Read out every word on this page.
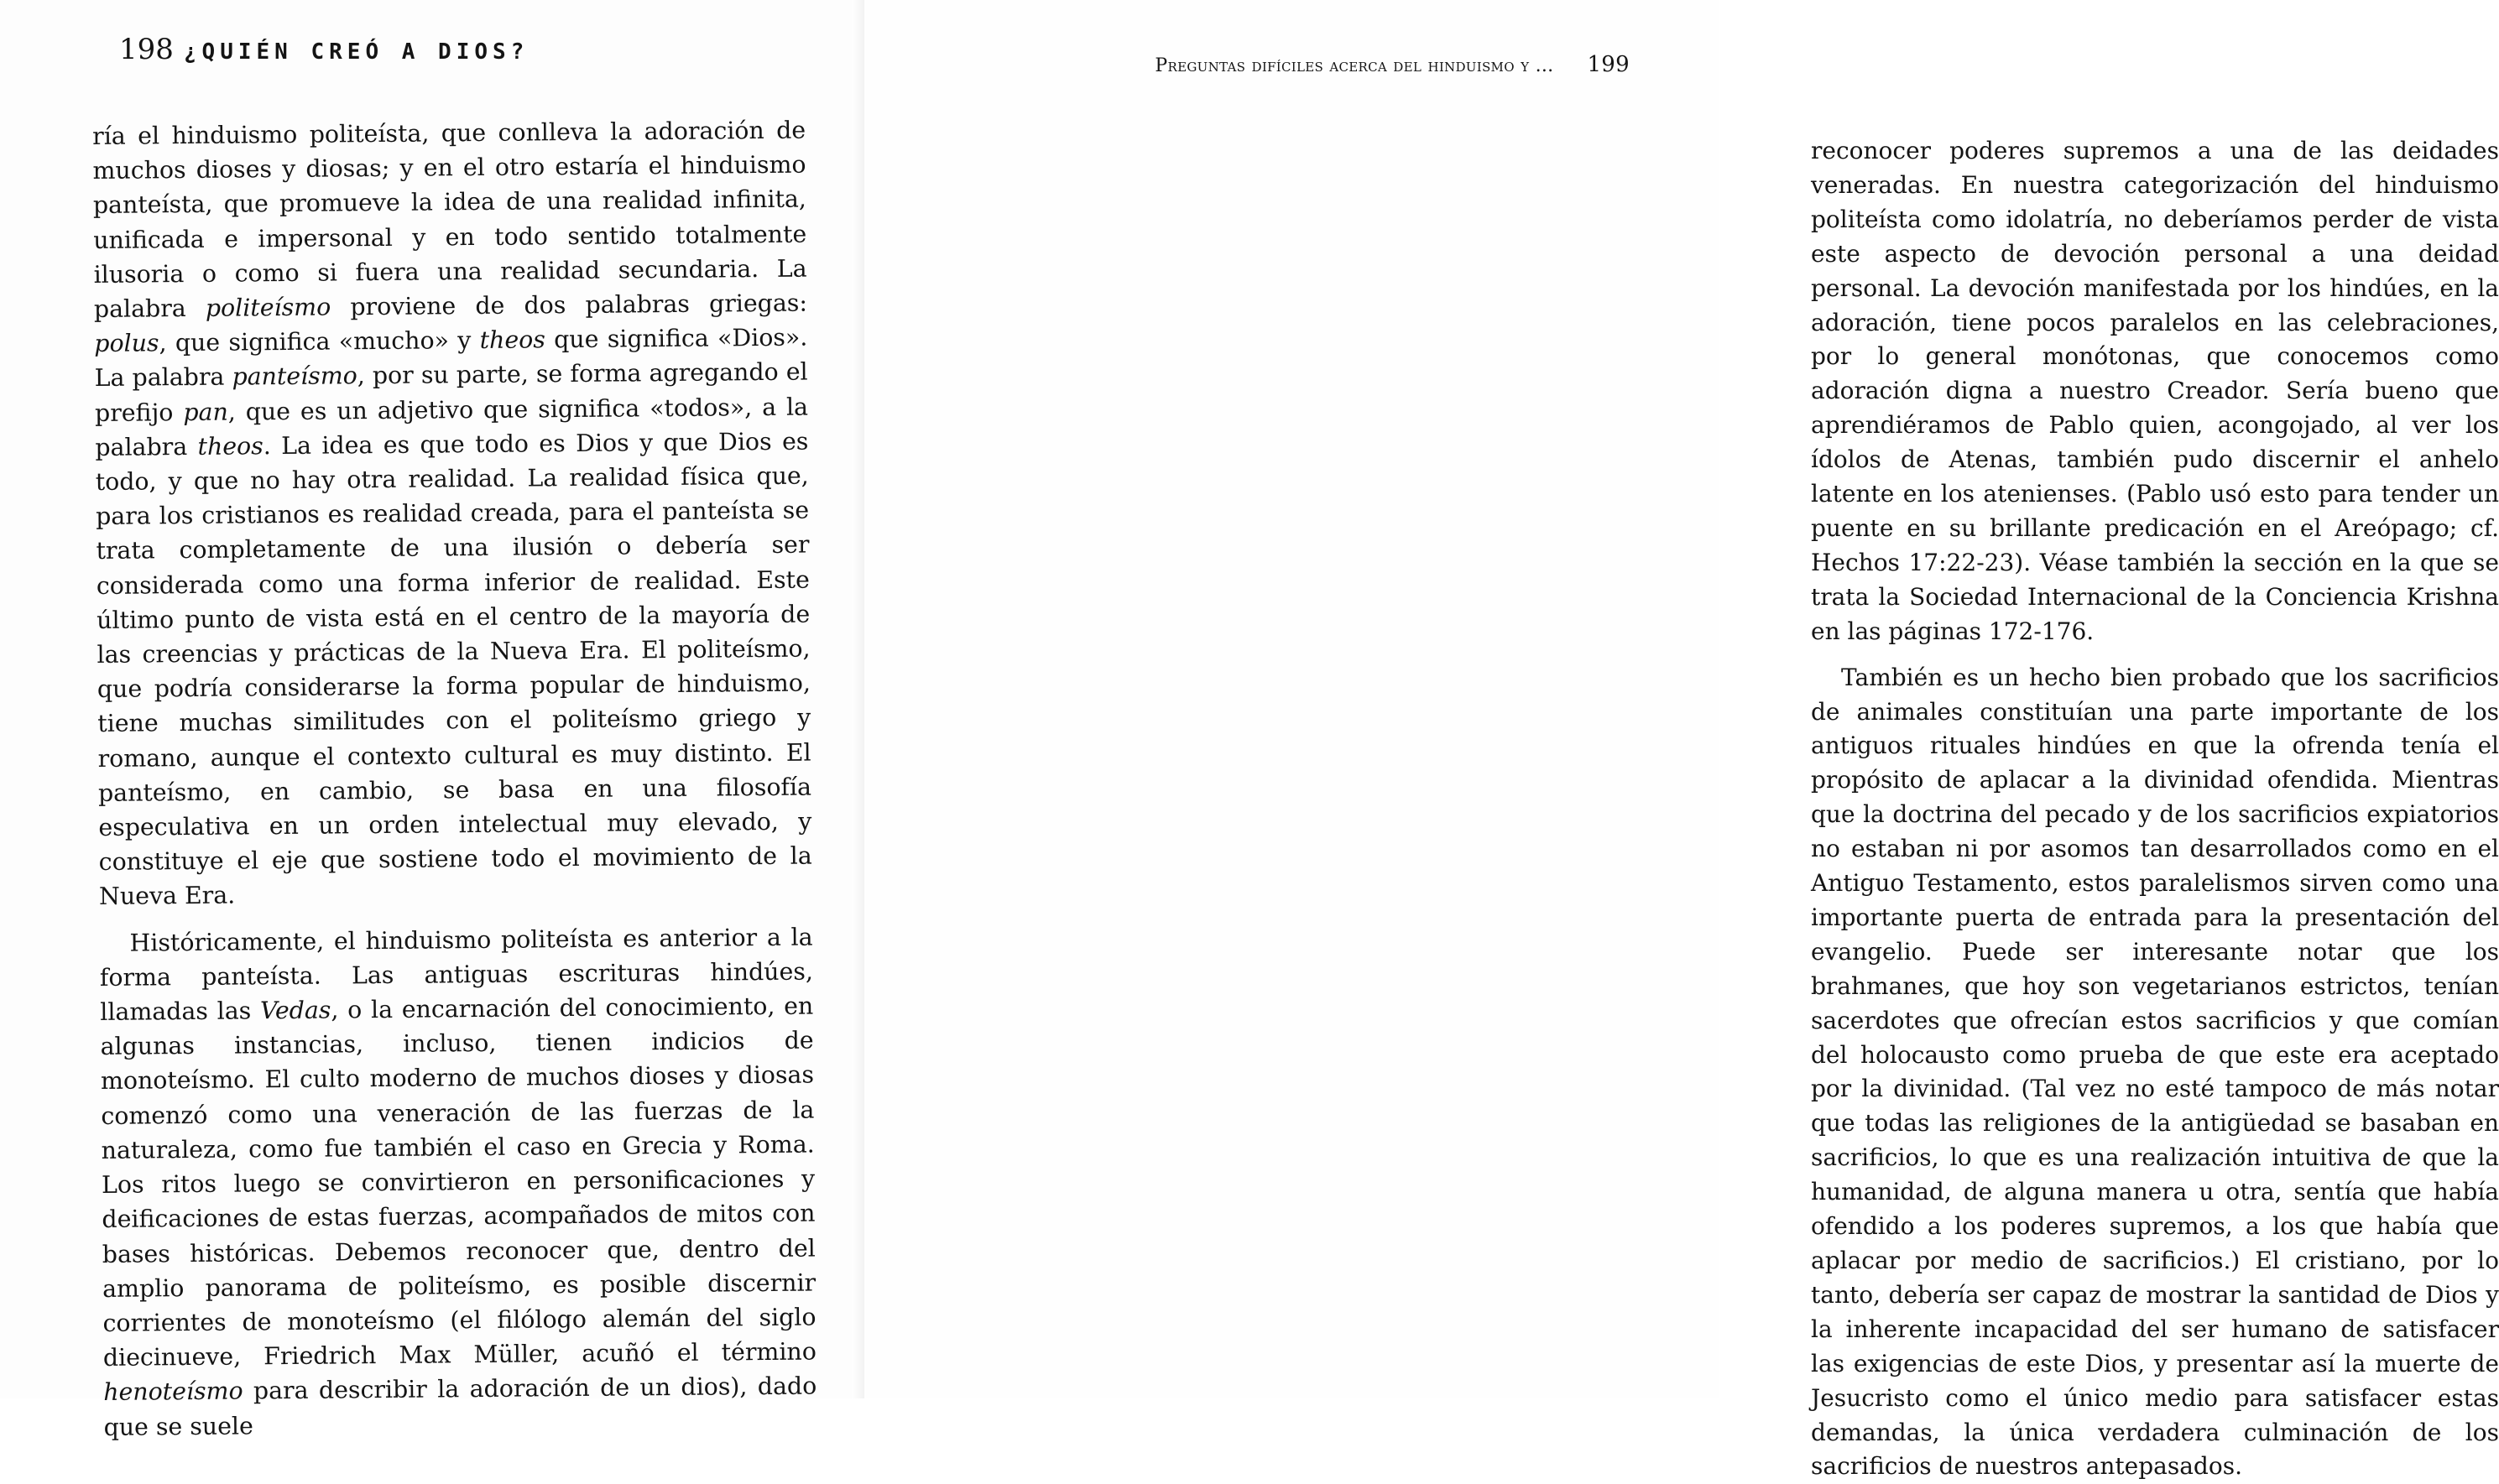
198 ¿QUIÉN CREÓ A DIOS?

ría el hinduismo politeísta, que conlleva la adoración de muchos dioses y diosas; y en el otro estaría el hinduismo panteísta, que promueve la idea de una realidad infinita, unificada e impersonal y en todo sentido totalmente ilusoria o como si fuera una realidad secundaria. La palabra politeísmo proviene de dos palabras griegas: polus, que significa «mucho» y theos que significa «Dios». La palabra panteísmo, por su parte, se forma agregando el prefijo pan, que es un adjetivo que significa «todos», a la palabra theos. La idea es que todo es Dios y que Dios es todo, y que no hay otra realidad. La realidad física que, para los cristianos es realidad creada, para el panteísta se trata completamente de una ilusión o debería ser considerada como una forma inferior de realidad. Este último punto de vista está en el centro de la mayoría de las creencias y prácticas de la Nueva Era. El politeísmo, que podría considerarse la forma popular de hinduismo, tiene muchas similitudes con el politeísmo griego y romano, aunque el contexto cultural es muy distinto. El panteísmo, en cambio, se basa en una filosofía especulativa en un orden intelectual muy elevado, y constituye el eje que sostiene todo el movimiento de la Nueva Era.

Históricamente, el hinduismo politeísta es anterior a la forma panteísta. Las antiguas escrituras hindúes, llamadas las Vedas, o la encarnación del conocimiento, en algunas instancias, incluso, tienen indicios de monoteísmo. El culto moderno de muchos dioses y diosas comenzó como una veneración de las fuerzas de la naturaleza, como fue también el caso en Grecia y Roma. Los ritos luego se convirtieron en personificaciones y deificaciones de estas fuerzas, acompañados de mitos con bases históricas. Debemos reconocer que, dentro del amplio panorama de politeísmo, es posible discernir corrientes de monoteísmo (el filólogo alemán del siglo diecinueve, Friedrich Max Müller, acuñó el término henoteísmo para describir la adoración de un dios), dado que se suele

Preguntas difíciles acerca del hinduismo y ... 199

reconocer poderes supremos a una de las deidades veneradas. En nuestra categorización del hinduismo politeísta como idolatría, no deberíamos perder de vista este aspecto de devoción personal a una deidad personal. La devoción manifestada por los hindúes, en la adoración, tiene pocos paralelos en las celebraciones, por lo general monótonas, que conocemos como adoración digna a nuestro Creador. Sería bueno que aprendiéramos de Pablo quien, acongojado, al ver los ídolos de Atenas, también pudo discernir el anhelo latente en los atenienses. (Pablo usó esto para tender un puente en su brillante predicación en el Areópago; cf. Hechos 17:22-23). Véase también la sección en la que se trata la Sociedad Internacional de la Conciencia Krishna en las páginas 172-176.

También es un hecho bien probado que los sacrificios de animales constituían una parte importante de los antiguos rituales hindúes en que la ofrenda tenía el propósito de aplacar a la divinidad ofendida. Mientras que la doctrina del pecado y de los sacrificios expiatorios no estaban ni por asomos tan desarrollados como en el Antiguo Testamento, estos paralelismos sirven como una importante puerta de entrada para la presentación del evangelio. Puede ser interesante notar que los brahmanes, que hoy son vegetarianos estrictos, tenían sacerdotes que ofrecían estos sacrificios y que comían del holocausto como prueba de que este era aceptado por la divinidad. (Tal vez no esté tampoco de más notar que todas las religiones de la antigüedad se basaban en sacrificios, lo que es una realización intuitiva de que la humanidad, de alguna manera u otra, sentía que había ofendido a los poderes supremos, a los que había que aplacar por medio de sacrificios.) El cristiano, por lo tanto, debería ser capaz de mostrar la santidad de Dios y la inherente incapacidad del ser humano de satisfacer las exigencias de este Dios, y presentar así la muerte de Jesucristo como el único medio para satisfacer estas demandas, la única verdadera culminación de los sacrificios de nuestros antepasados.
